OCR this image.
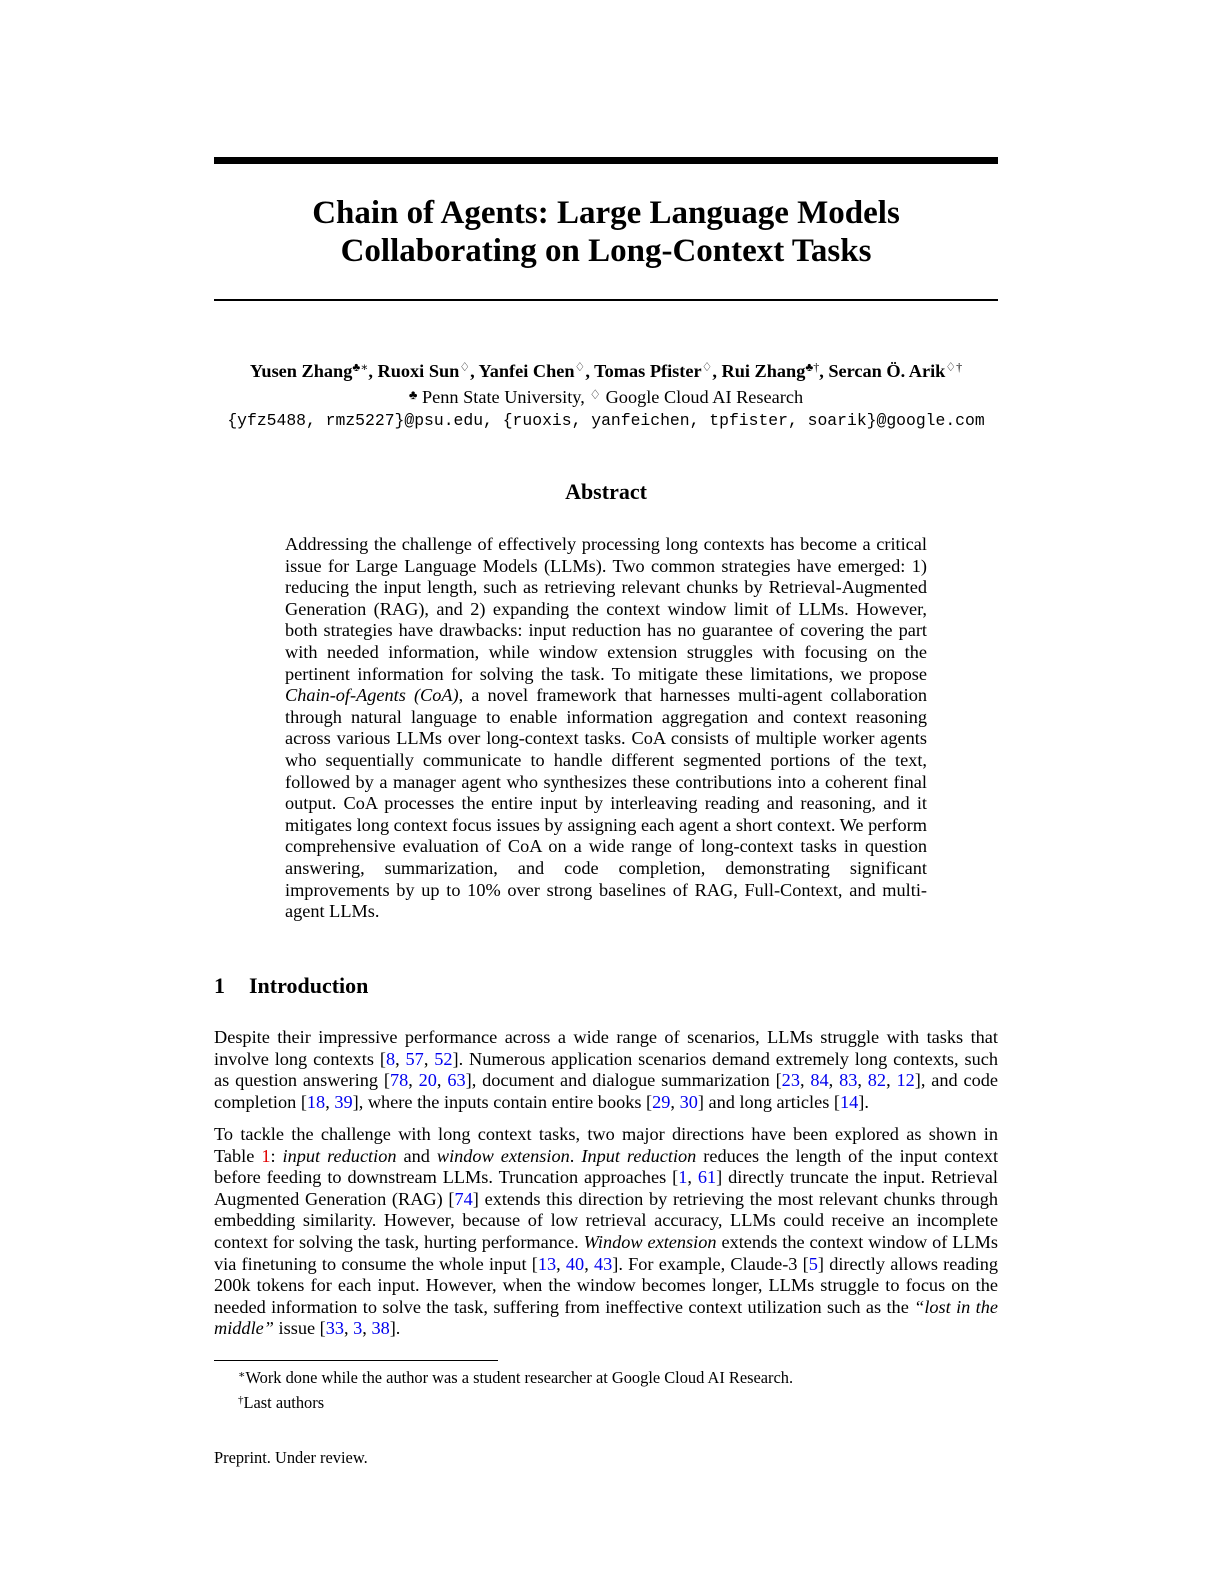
Chain of Agents: Large Language Models
Collaborating on Long-Context Tasks
Yusen Zhang♣∗, Ruoxi Sun♢, Yanfei Chen♢, Tomas Pfister♢, Rui Zhang♣†, Sercan Ö. Arik♢†
♣ Penn State University, ♢ Google Cloud AI Research
{yfz5488, rmz5227}@psu.edu, {ruoxis, yanfeichen, tpfister, soarik}@google.com
Abstract
Addressing the challenge of effectively processing long contexts has become a critical issue for Large Language Models (LLMs). Two common strategies have emerged: 1) reducing the input length, such as retrieving relevant chunks by Retrieval-Augmented Generation (RAG), and 2) expanding the context window limit of LLMs. However, both strategies have drawbacks: input reduction has no guarantee of covering the part with needed information, while window extension struggles with focusing on the pertinent information for solving the task. To mitigate these limitations, we propose Chain-of-Agents (CoA), a novel framework that harnesses multi-agent collaboration through natural language to enable information aggregation and context reasoning across various LLMs over long-context tasks. CoA consists of multiple worker agents who sequentially communicate to handle different segmented portions of the text, followed by a manager agent who synthesizes these contributions into a coherent final output. CoA processes the entire input by interleaving reading and reasoning, and it mitigates long context focus issues by assigning each agent a short context. We perform comprehensive evaluation of CoA on a wide range of long-context tasks in question answering, summarization, and code completion, demonstrating significant improvements by up to 10% over strong baselines of RAG, Full-Context, and multi-agent LLMs.
1 Introduction
Despite their impressive performance across a wide range of scenarios, LLMs struggle with tasks that involve long contexts [8, 57, 52]. Numerous application scenarios demand extremely long contexts, such as question answering [78, 20, 63], document and dialogue summarization [23, 84, 83, 82, 12], and code completion [18, 39], where the inputs contain entire books [29, 30] and long articles [14].
To tackle the challenge with long context tasks, two major directions have been explored as shown in Table 1: input reduction and window extension. Input reduction reduces the length of the input context before feeding to downstream LLMs. Truncation approaches [1, 61] directly truncate the input. Retrieval Augmented Generation (RAG) [74] extends this direction by retrieving the most relevant chunks through embedding similarity. However, because of low retrieval accuracy, LLMs could receive an incomplete context for solving the task, hurting performance. Window extension extends the context window of LLMs via finetuning to consume the whole input [13, 40, 43]. For example, Claude-3 [5] directly allows reading 200k tokens for each input. However, when the window becomes longer, LLMs struggle to focus on the needed information to solve the task, suffering from ineffective context utilization such as the “lost in the middle” issue [33, 3, 38].
∗Work done while the author was a student researcher at Google Cloud AI Research.
†Last authors
Preprint. Under review.
